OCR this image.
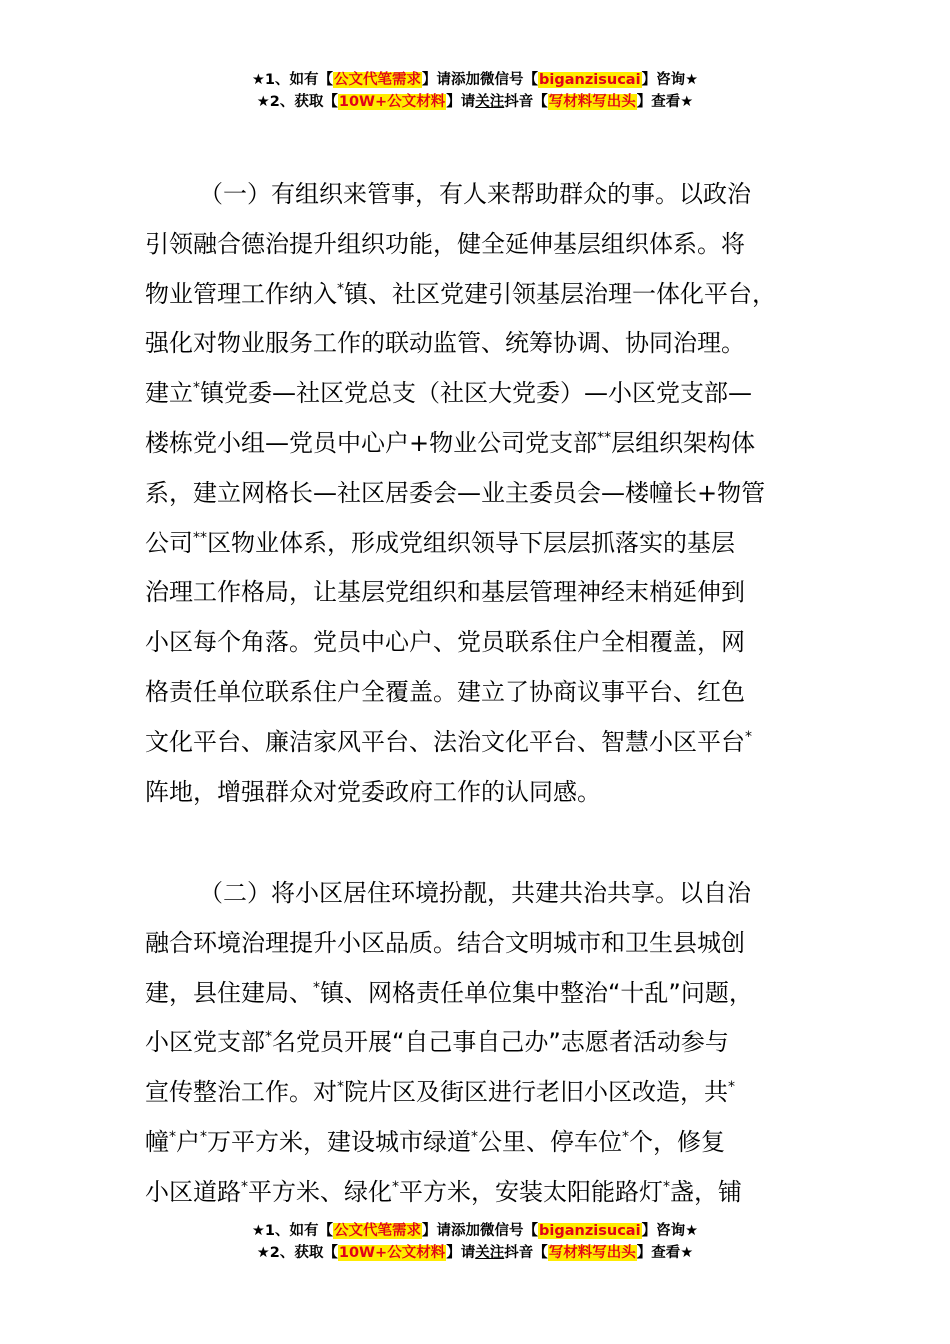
★1、如有【公文代笔需求】请添加微信号【biganzisucai】咨询★
★2、获取【10W+公文材料】请关注抖音【写材料写出头】查看★
（一）有组织来管事，有人来帮助群众的事。以政治
引领融合德治提升组织功能，健全延伸基层组织体系。将
物业管理工作纳入*镇、社区党建引领基层治理一体化平台，
强化对物业服务工作的联动监管、统筹协调、协同治理。
建立*镇党委—社区党总支（社区大党委）—小区党支部—
楼栋党小组—党员中心户+物业公司党支部**层组织架构体
系，建立网格长—社区居委会—业主委员会—楼幢长+物管
公司**区物业体系，形成党组织领导下层层抓落实的基层
治理工作格局，让基层党组织和基层管理神经末梢延伸到
小区每个角落。党员中心户、党员联系住户全相覆盖，网
格责任单位联系住户全覆盖。建立了协商议事平台、红色
文化平台、廉洁家风平台、法治文化平台、智慧小区平台*
阵地，增强群众对党委政府工作的认同感。
（二）将小区居住环境扮靓，共建共治共享。以自治
融合环境治理提升小区品质。结合文明城市和卫生县城创
建，县住建局、*镇、网格责任单位集中整治“十乱”问题，
小区党支部*名党员开展“自己事自己办”志愿者活动参与
宣传整治工作。对*院片区及街区进行老旧小区改造，共*
幢*户*万平方米，建设城市绿道*公里、停车位*个，修复
小区道路*平方米、绿化*平方米，安装太阳能路灯*盏，铺
★1、如有【公文代笔需求】请添加微信号【biganzisucai】咨询★
★2、获取【10W+公文材料】请关注抖音【写材料写出头】查看★
